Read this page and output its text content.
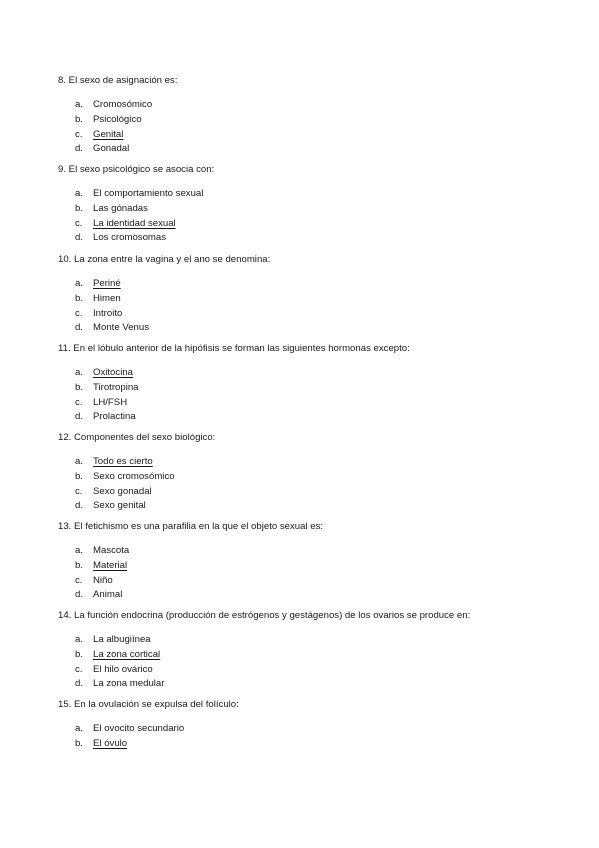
8. El sexo de asignación es:

a.	Cromosómico
b.	Psicológico
c.	Genital
d.	Gonadal

9. El sexo psicológico se asocia con:

a.	El comportamiento sexual
b.	Las gónadas
c.	La identidad sexual
d.	Los cromosomas

10. La zona entre la vagina y el ano se denomina:

a.	Periné
b.	Himen
c.	Introito
d.	Monte Venus

11. En el lóbulo anterior de la hipófisis se forman las siguientes hormonas excepto:

a.	Oxitocina
b.	Tirotropina
c.	LH/FSH
d.	Prolactina

12. Componentes del sexo biológico:

a.	Todo es cierto
b.	Sexo cromosómico
c.	Sexo gonadal
d.	Sexo genital

13. El fetichismo es una parafilia en la que el objeto sexual es:

a.	Mascota
b.	Material
c.	Niño
d.	Animal

14. La función endocrina (producción de estrógenos y gestágenos) de los ovarios se produce en:

a.	La albugiínea
b.	La zona cortical
c.	El hilo ovárico
d.	La zona medular

15. En la ovulación se expulsa del folículo:

a.	El ovocito secundario
b.	El óvulo
